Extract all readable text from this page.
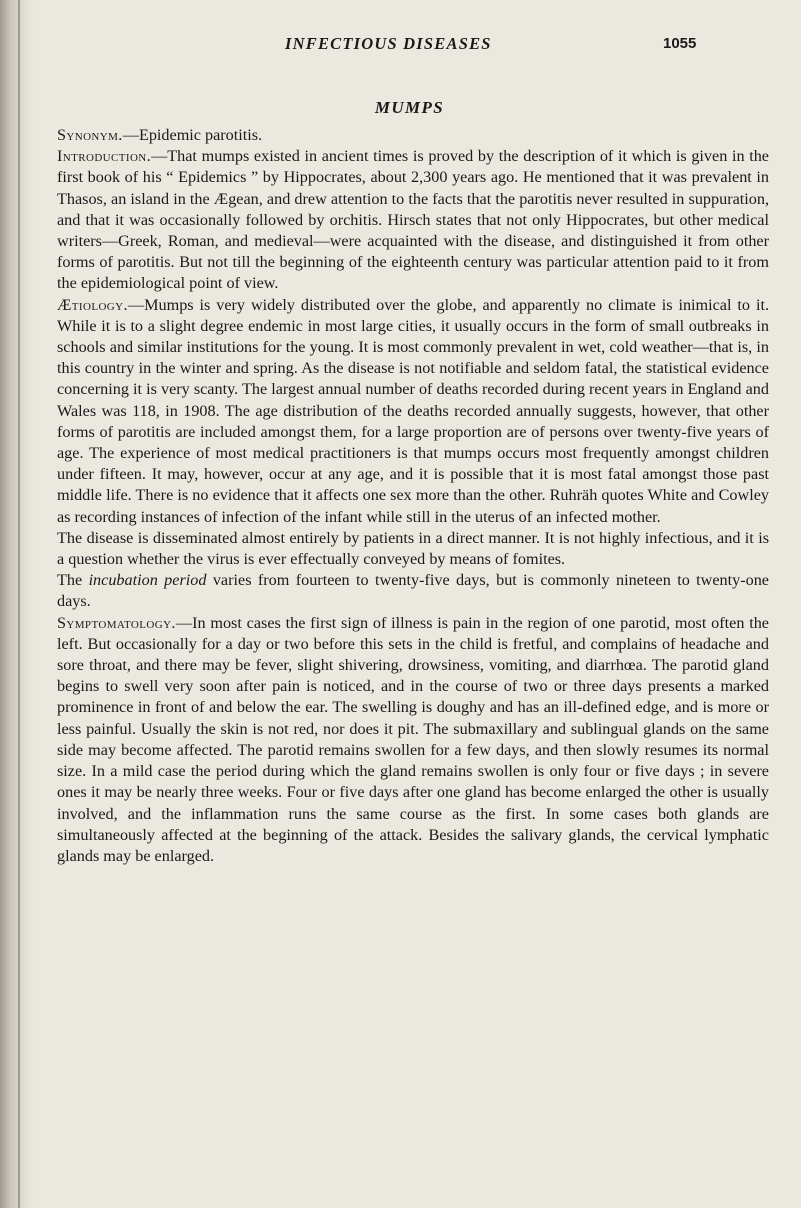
INFECTIOUS DISEASES	1055
MUMPS

Synonym.—Epidemic parotitis.

Introduction.—That mumps existed in ancient times is proved by the description of it which is given in the first book of his “ Epidemics ” by Hippocrates, about 2,300 years ago. He mentioned that it was prevalent in Thasos, an island in the Ægean, and drew attention to the facts that the parotitis never resulted in suppuration, and that it was occasionally followed by orchitis. Hirsch states that not only Hippocrates, but other medical writers—Greek, Roman, and medieval—were acquainted with the disease, and distinguished it from other forms of parotitis. But not till the beginning of the eighteenth century was particular attention paid to it from the epidemiological point of view.

Ætiology.—Mumps is very widely distributed over the globe, and apparently no climate is inimical to it. While it is to a slight degree endemic in most large cities, it usually occurs in the form of small outbreaks in schools and similar institutions for the young. It is most commonly prevalent in wet, cold weather—that is, in this country in the winter and spring. As the disease is not notifiable and seldom fatal, the statistical evidence concerning it is very scanty. The largest annual number of deaths recorded during recent years in England and Wales was 118, in 1908. The age distribution of the deaths recorded annually suggests, however, that other forms of parotitis are included amongst them, for a large proportion are of persons over twenty-five years of age. The experience of most medical practitioners is that mumps occurs most frequently amongst children under fifteen. It may, however, occur at any age, and it is possible that it is most fatal amongst those past middle life. There is no evidence that it affects one sex more than the other. Ruhräh quotes White and Cowley as recording instances of infection of the infant while still in the uterus of an infected mother.

The disease is disseminated almost entirely by patients in a direct manner. It is not highly infectious, and it is a question whether the virus is ever effectually conveyed by means of fomites.

The incubation period varies from fourteen to twenty-five days, but is commonly nineteen to twenty-one days.

Symptomatology.—In most cases the first sign of illness is pain in the region of one parotid, most often the left. But occasionally for a day or two before this sets in the child is fretful, and complains of headache and sore throat, and there may be fever, slight shivering, drowsiness, vomiting, and diarrhœa. The parotid gland begins to swell very soon after pain is noticed, and in the course of two or three days presents a marked prominence in front of and below the ear. The swelling is doughy and has an ill-defined edge, and is more or less painful. Usually the skin is not red, nor does it pit. The submaxillary and sublingual glands on the same side may become affected. The parotid remains swollen for a few days, and then slowly resumes its normal size. In a mild case the period during which the gland remains swollen is only four or five days ; in severe ones it may be nearly three weeks. Four or five days after one gland has become enlarged the other is usually involved, and the inflammation runs the same course as the first. In some cases both glands are simultaneously affected at the beginning of the attack. Besides the salivary glands, the cervical lymphatic glands may be enlarged.
